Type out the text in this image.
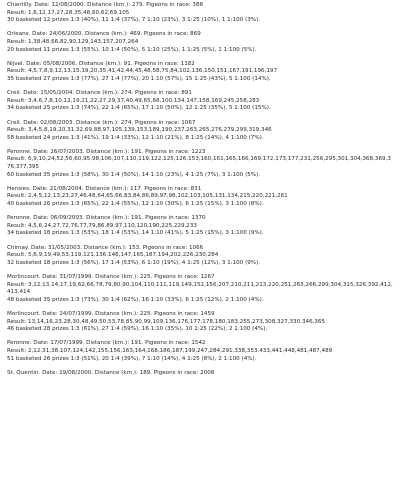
Chantilly. Date: 12/08/2000. Distance (km.): 279. Pigeons in race: 388
Result: 1,6,12,17,27,28,35,48,60,62,69,105
30 basketed 12 prizes 1:3 (40%), 11 1:4 (37%), 7 1:10 (23%), 3 1:25 (10%), 1 1:100 (3%).
Orleans. Date: 24/06/2000. Distance (km.): 469. Pigeons in race: 869
Result: 1,38,48,66,82,90,129,143,157,207,264
20 basketed 11 prizes 1:3 (55%), 10 1:4 (50%), 5 1:10 (25%), 1 1:25 (5%), 1 1:100 (5%).
Nijvel. Date: 05/08/2006. Distance (km.): 91. Pigeons in race: 1182
Result: 4,5,7,8,9,12,13,15,19,20,35,41,42,44,45,48,58,75,84,102,136,150,151,167,191,196,197
35 basketed 27 prizes 1:3 (77%), 27 1:4 (77%), 20 1:10 (57%), 15 1:25 (43%), 5 1:100 (14%).
Creil. Date: 15/05/2004. Distance (km.): 274. Pigeons in race: 891
Result: 3,4,6,7,8,10,12,19,21,22,27,29,37,40,49,65,68,100,134,147,158,169,245,258,283
34 basketed 25 prizes 1:3 (74%), 22 1:4 (65%), 17 1:10 (50%), 12 1:25 (35%), 5 1:100 (15%).
Creil. Date: 02/08/2003. Distance (km.): 274. Pigeons in race: 1067
Result: 3,4,5,8,19,20,31,32,69,88,97,105,139,153,189,190,237,263,265,276,279,299,319,346
58 basketed 24 prizes 1:3 (41%), 19 1:4 (33%), 12 1:10 (21%), 8 1:25 (14%), 4 1:100 (7%).
Peronne. Date: 26/07/2003. Distance (km.): 191. Pigeons in race: 1223
Result: 6,9,10,24,52,56,60,95,98,106,107,110,119,122,125,126,153,160,161,165,166,169,172,173,177,231,256,295,301,304,368,369,376,377,395
60 basketed 35 prizes 1:3 (58%), 30 1:4 (50%), 14 1:10 (23%), 4 1:25 (7%), 3 1:100 (5%).
Hensies. Date: 21/08/2004. Distance (km.): 117. Pigeons in race: 831
Result: 2,4,5,12,13,23,27,46,48,64,65,66,83,84,86,89,97,98,102,103,105,131,134,215,220,221,261
40 basketed 26 prizes 1:3 (65%), 22 1:4 (55%), 12 1:10 (30%), 6 1:25 (15%), 3 1:100 (8%).
Peronne. Date: 06/09/2003. Distance (km.): 191. Pigeons in race: 1370
Result: 4,5,6,24,27,72,76,77,79,86,89,97,110,120,190,225,229,233
34 basketed 18 prizes 1:3 (53%), 18 1:4 (53%), 14 1:10 (41%), 5 1:25 (15%), 3 1:100 (9%).
Chimay. Date: 31/05/2003. Distance (km.): 153. Pigeons in race: 1066
Result: 5,6,9,19,49,53,119,121,136,146,147,165,187,194,202,226,230,284
32 basketed 18 prizes 1:3 (56%), 17 1:4 (53%), 6 1:10 (19%), 4 1:25 (12%), 3 1:100 (9%).
Morlincourt. Date: 31/07/1999. Distance (km.): 225. Pigeons in race: 1267
Result: 3,12,13,14,17,19,62,66,78,79,80,90,104,110,111,119,149,152,156,207,210,211,213,220,251,263,266,299,304,315,326,392,412,413,414
48 basketed 35 prizes 1:3 (73%), 30 1:4 (62%), 16 1:10 (33%), 6 1:25 (12%), 2 1:100 (4%).
Morlincourt. Date: 24/07/1999. Distance (km.): 225. Pigeons in race: 1459
Result: 13,14,16,23,28,30,48,49,50,53,78,85,90,99,109,136,176,177,178,180,183,255,273,308,327,330,346,365
46 basketed 28 prizes 1:3 (61%), 27 1:4 (59%), 16 1:10 (35%), 10 1:25 (22%), 2 1:100 (4%).
Peronne. Date: 17/07/1999. Distance (km.): 191. Pigeons in race: 1542
Result: 2,12,31,38,107,124,142,155,156,163,164,168,186,187,199,247,284,291,338,353,433,441,448,481,487,489
51 basketed 26 prizes 1:3 (51%), 20 1:4 (39%), 7 1:10 (14%), 4 1:25 (8%), 2 1:100 (4%).
St. Quentin. Date: 19/08/2000. Distance (km.): 189. Pigeons in race: 2008
